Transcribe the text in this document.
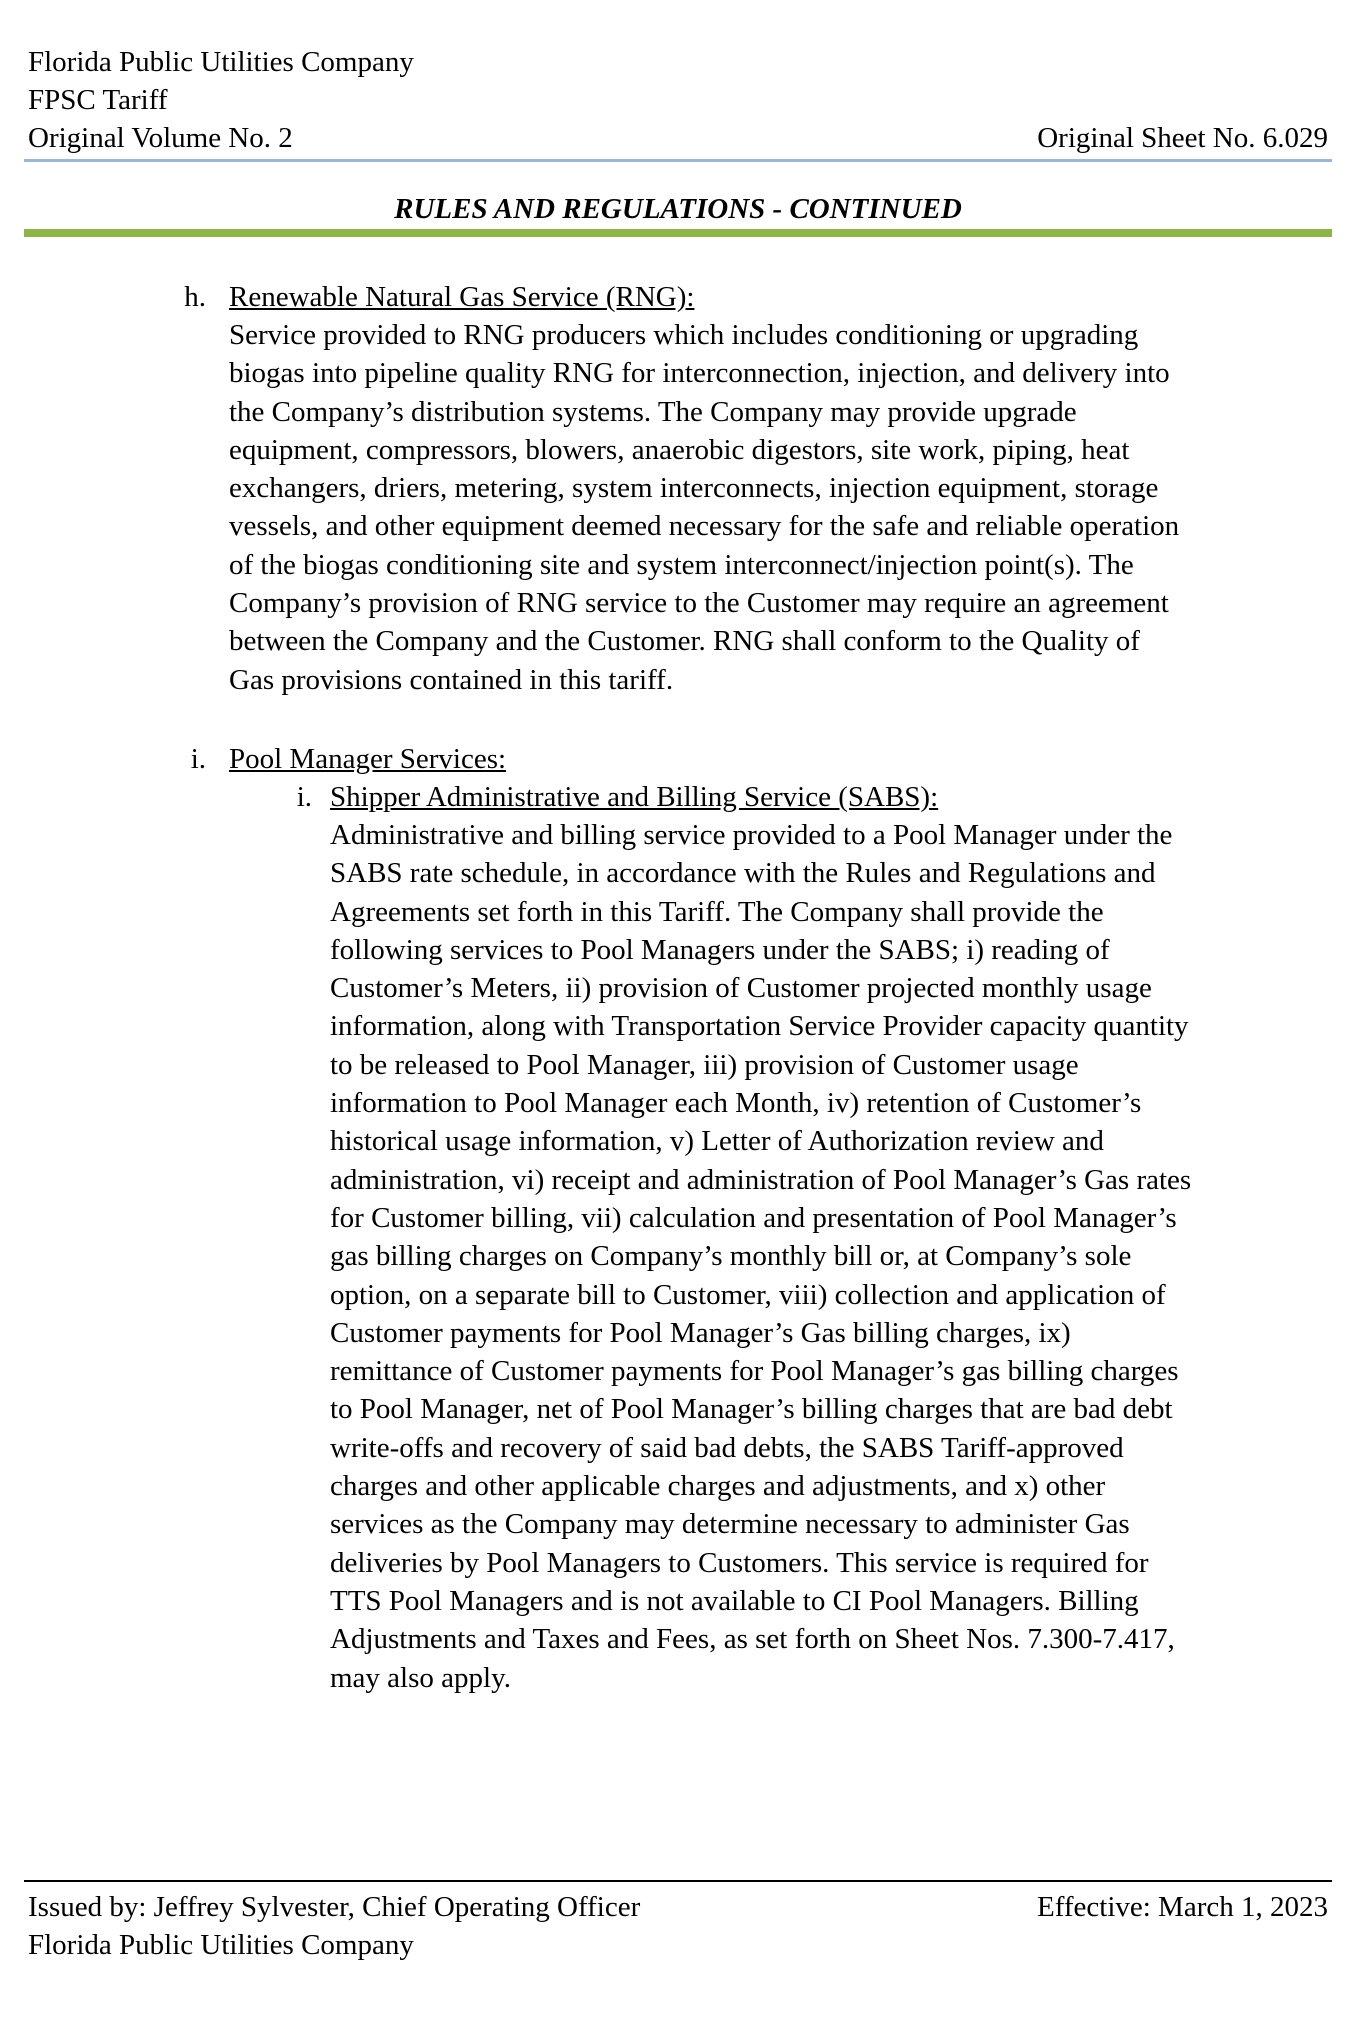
Florida Public Utilities Company
FPSC Tariff
Original Volume No. 2	Original Sheet No. 6.029
RULES AND REGULATIONS - CONTINUED
h. Renewable Natural Gas Service (RNG):
Service provided to RNG producers which includes conditioning or upgrading
biogas into pipeline quality RNG for interconnection, injection, and delivery into
the Company’s distribution systems. The Company may provide upgrade
equipment, compressors, blowers, anaerobic digestors, site work, piping, heat
exchangers, driers, metering, system interconnects, injection equipment, storage
vessels, and other equipment deemed necessary for the safe and reliable operation
of the biogas conditioning site and system interconnect/injection point(s). The
Company’s provision of RNG service to the Customer may require an agreement
between the Company and the Customer. RNG shall conform to the Quality of
Gas provisions contained in this tariff.
i. Pool Manager Services:
i. Shipper Administrative and Billing Service (SABS):
Administrative and billing service provided to a Pool Manager under the
SABS rate schedule, in accordance with the Rules and Regulations and
Agreements set forth in this Tariff. The Company shall provide the
following services to Pool Managers under the SABS; i) reading of
Customer’s Meters, ii) provision of Customer projected monthly usage
information, along with Transportation Service Provider capacity quantity
to be released to Pool Manager, iii) provision of Customer usage
information to Pool Manager each Month, iv) retention of Customer’s
historical usage information, v) Letter of Authorization review and
administration, vi) receipt and administration of Pool Manager’s Gas rates
for Customer billing, vii) calculation and presentation of Pool Manager’s
gas billing charges on Company’s monthly bill or, at Company’s sole
option, on a separate bill to Customer, viii) collection and application of
Customer payments for Pool Manager’s Gas billing charges, ix)
remittance of Customer payments for Pool Manager’s gas billing charges
to Pool Manager, net of Pool Manager’s billing charges that are bad debt
write-offs and recovery of said bad debts, the SABS Tariff-approved
charges and other applicable charges and adjustments, and x) other
services as the Company may determine necessary to administer Gas
deliveries by Pool Managers to Customers. This service is required for
TTS Pool Managers and is not available to CI Pool Managers. Billing
Adjustments and Taxes and Fees, as set forth on Sheet Nos. 7.300-7.417,
may also apply.
Issued by: Jeffrey Sylvester, Chief Operating Officer
Florida Public Utilities Company
Effective: March 1, 2023
